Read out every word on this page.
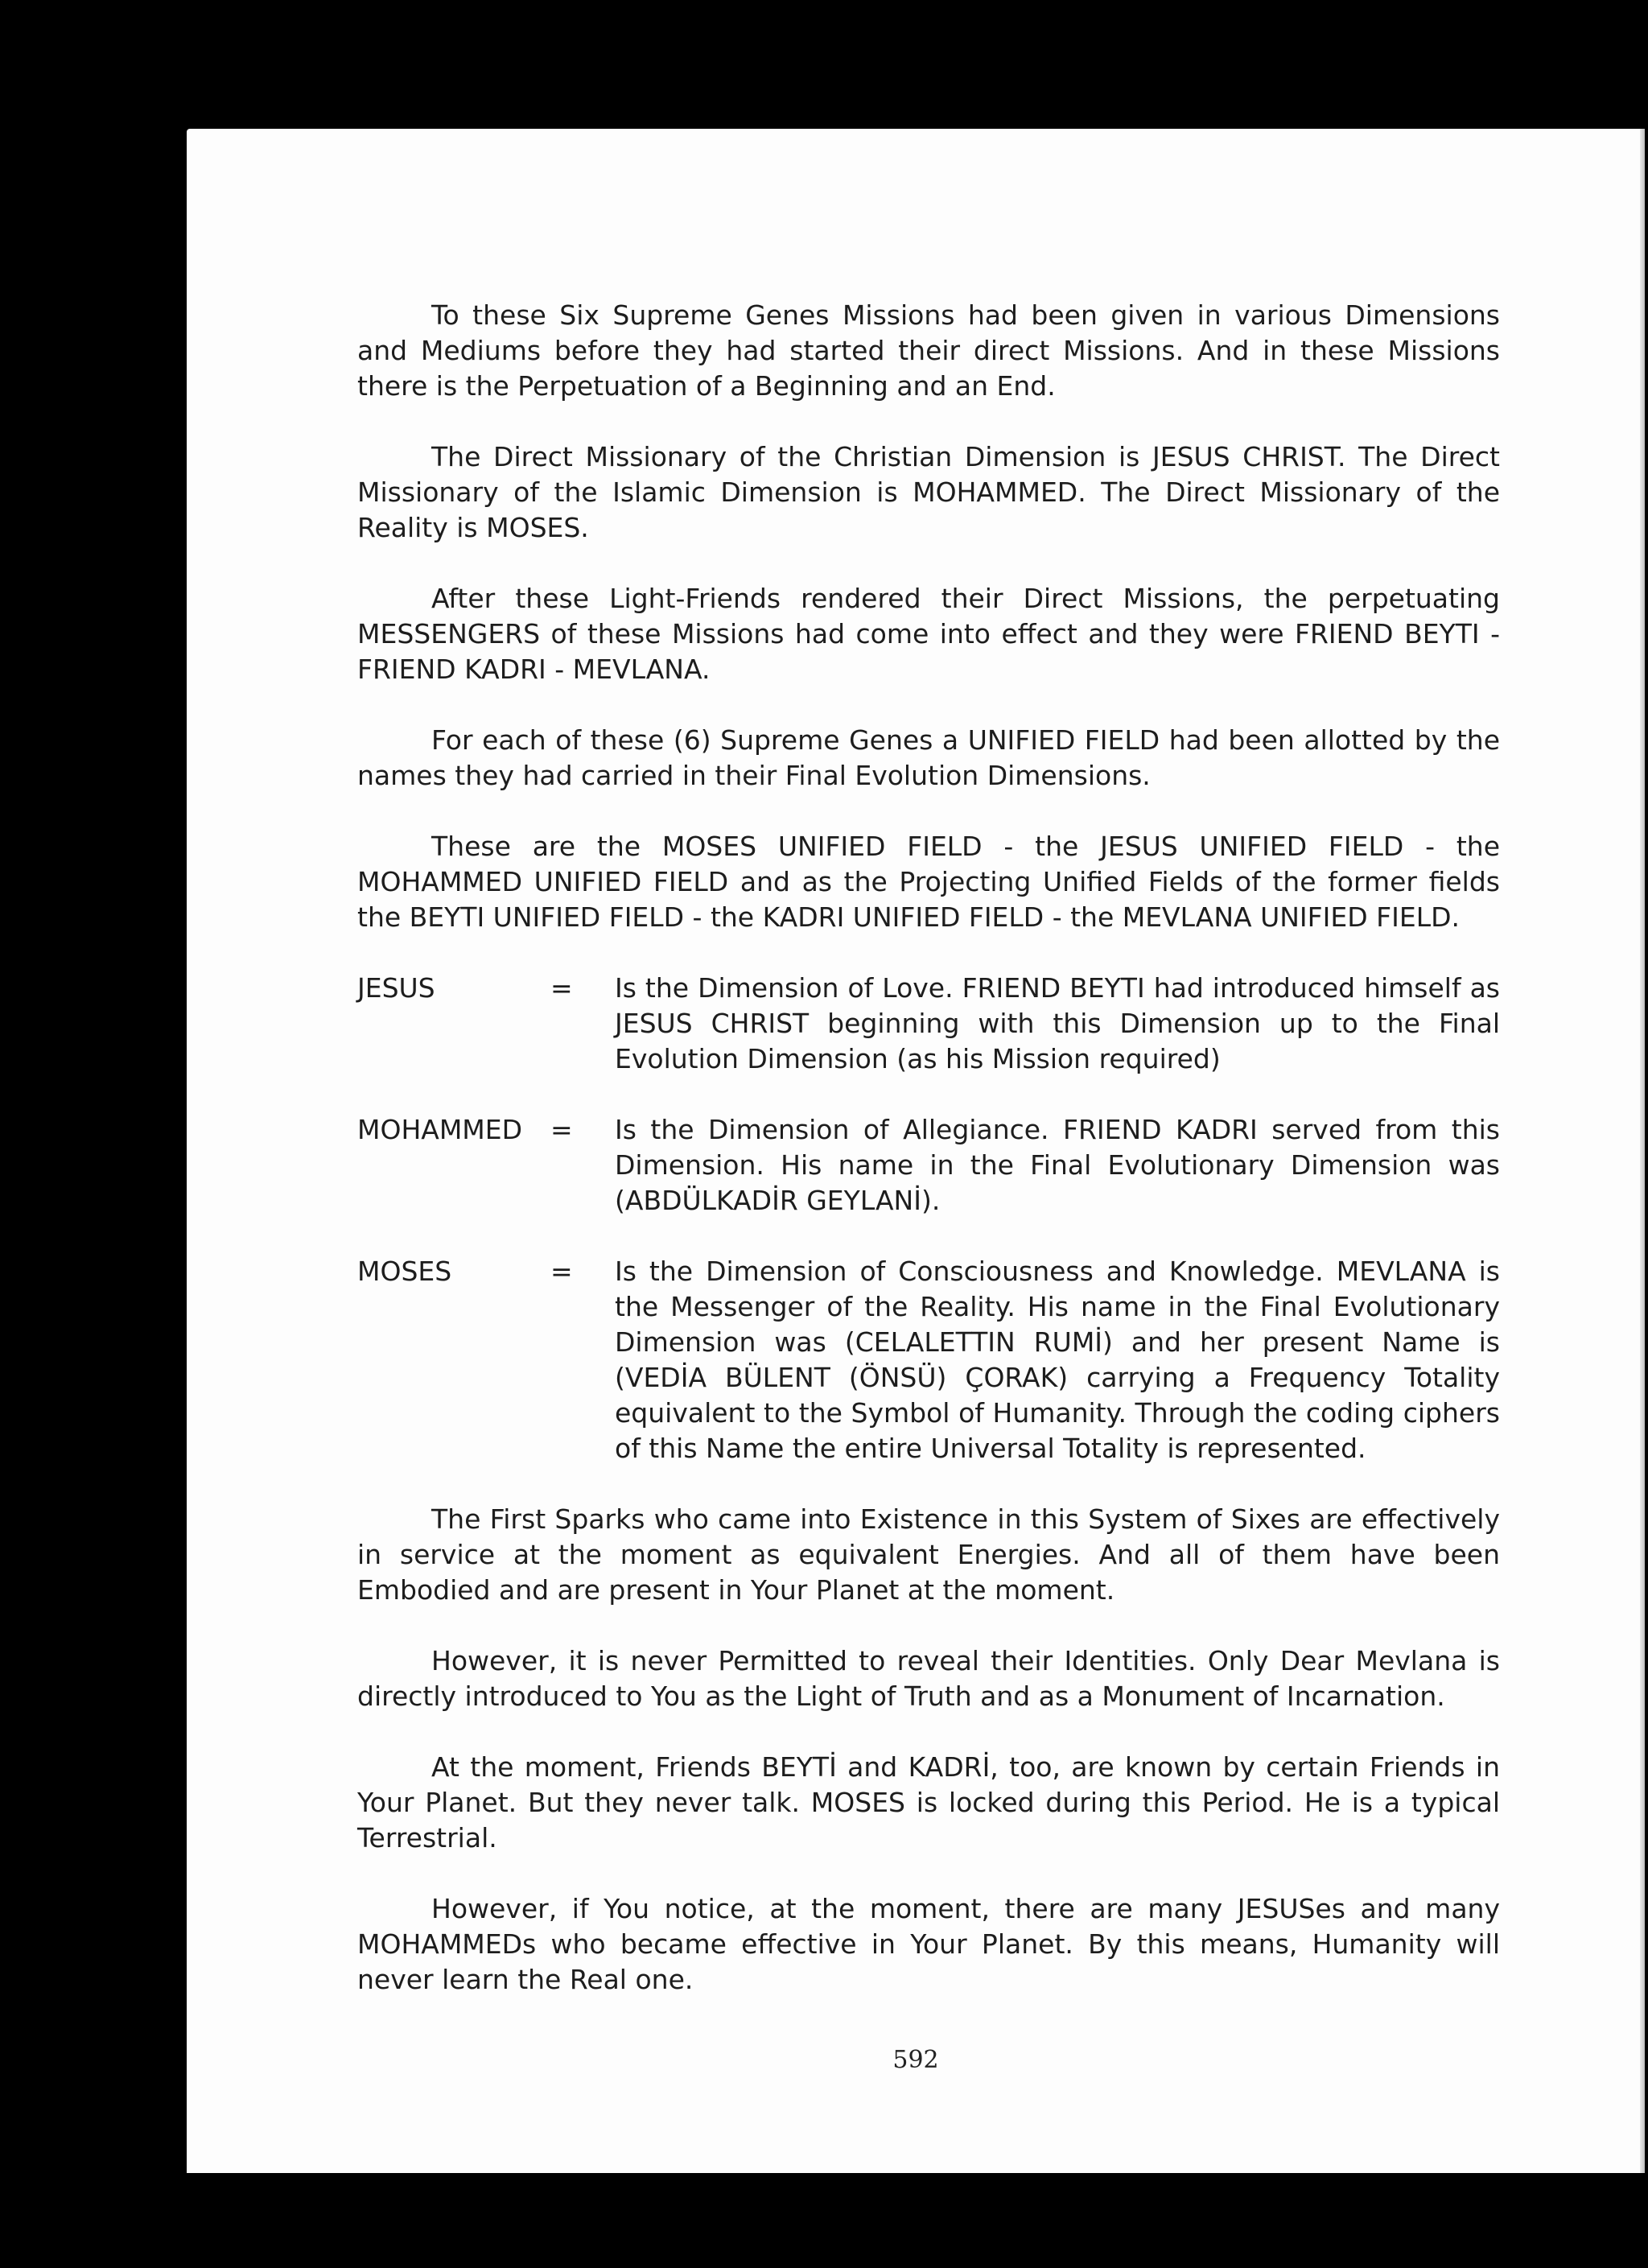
To these Six Supreme Genes Missions had been given in various Dimensions and Mediums before they had started their direct Missions. And in these Missions there is the Perpetuation of a Beginning and an End.

The Direct Missionary of the Christian Dimension is JESUS CHRIST. The Direct Missionary of the Islamic Dimension is MOHAMMED. The Direct Missionary of the Reality is MOSES.

After these Light-Friends rendered their Direct Missions, the perpetuating MESSENGERS of these Missions had come into effect and they were FRIEND BEYTI - FRIEND KADRI - MEVLANA.

For each of these (6) Supreme Genes a UNIFIED FIELD had been allotted by the names they had carried in their Final Evolution Dimensions.

These are the MOSES UNIFIED FIELD - the JESUS UNIFIED FIELD - the MOHAMMED UNIFIED FIELD and as the Projecting Unified Fields of the former fields the BEYTI UNIFIED FIELD - the KADRI UNIFIED FIELD - the MEVLANA UNIFIED FIELD.

JESUS	=	Is the Dimension of Love. FRIEND BEYTI had introduced himself as JESUS CHRIST beginning with this Dimension up to the Final Evolution Dimension (as his Mission required)
MOHAMMED	=	Is the Dimension of Allegiance. FRIEND KADRI served from this Dimension. His name in the Final Evolutionary Dimension was (ABDÜLKADİR GEYLANİ).
MOSES	=	Is the Dimension of Consciousness and Knowledge. MEVLANA is the Messenger of the Reality. His name in the Final Evolutionary Dimension was (CELALETTIN RUMİ) and her present Name is (VEDİA BÜLENT (ÖNSÜ) ÇORAK) carrying a Frequency Totality equivalent to the Symbol of Humanity. Through the coding ciphers of this Name the entire Universal Totality is represented.

The First Sparks who came into Existence in this System of Sixes are effectively in service at the moment as equivalent Energies. And all of them have been Embodied and are present in Your Planet at the moment.

However, it is never Permitted to reveal their Identities. Only Dear Mevlana is directly introduced to You as the Light of Truth and as a Monument of Incarnation.

At the moment, Friends BEYTİ and KADRİ, too, are known by certain Friends in Your Planet. But they never talk. MOSES is locked during this Period. He is a typical Terrestrial.

However, if You notice, at the moment, there are many JESUSes and many MOHAMMEDs who became effective in Your Planet. By this means, Humanity will never learn the Real one.

592
